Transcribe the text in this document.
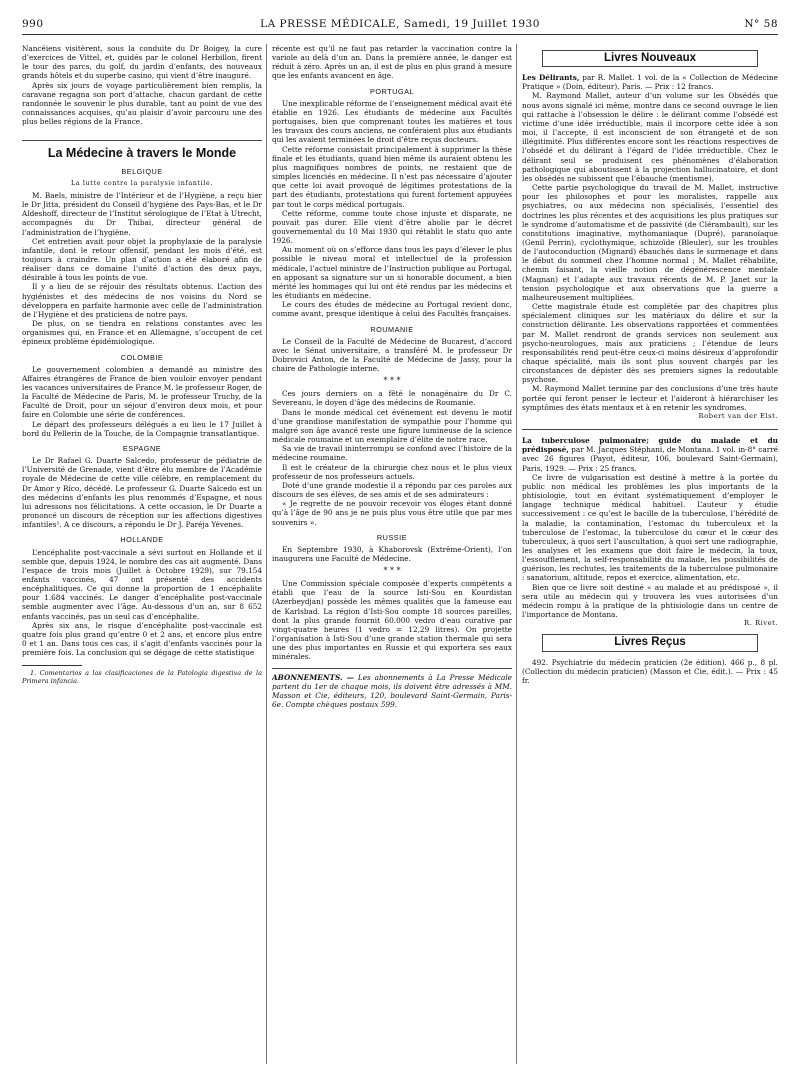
990	LA PRESSE MÉDICALE, Samedi, 19 Juillet 1930	N° 58

Nancéiens visitèrent, sous la conduite du Dr Boigey, la cure d’exercices de Vittel, et, guidés par le colonel Herbillon, firent le tour des parcs, du golf, du jardin d’enfants, des nouveaux grands hôtels et du superbe casino, qui vient d’être inauguré.

Après six jours de voyage particulièrement bien remplis, la caravane regagna son port d’attache, chacun gardant de cette randonnée le souvenir le plus durable, tant au point de vue des connaissances acquises, qu’au plaisir d’avoir parcouru une des plus belles régions de la France.

La Médecine à travers le Monde
BELGIQUE
La lutte contre la paralysie infantile.

M. Baels, ministre de l’Intérieur et de l’Hygiène, a reçu hier le Dr Jitta, président du Conseil d’hygiène des Pays-Bas, et le Dr Aldeshoff, directeur de l’Institut sérologique de l’Etat à Utrecht, accompagnés du Dr Thibai, directeur général de l’administration de l’hygiène.

Cet entretien avait pour objet la prophylaxie de la paralysie infantile, dont le retour offensif, pendant les mois d’été, est toujours à craindre. Un plan d’action a été élaboré afin de réaliser dans ce domaine l’unité d’action des deux pays, désirable à tous les points de vue.

Il y a lieu de se réjouir des résultats obtenus. L’action des hygiénistes et des médecins de nos voisins du Nord se développera en parfaite harmonie avec celle de l’administration de l’Hygiène et des praticiens de notre pays.

De plus, on se tiendra en relations constantes avec les organismes qui, en France et en Allemagne, s’occupent de cet épineux problème épidémiologique.

COLOMBIE

Le gouvernement colombien a demandé au ministre des Affaires étrangères de France de bien vouloir envoyer pendant les vacances universitaires de France M. le professeur Roger, de la Faculté de Médecine de Paris, M. le professeur Truchy, de la Faculté de Droit, pour un séjour d’environ deux mois, et pour faire en Colombie une série de conférences.

Le départ des professeurs délégués a eu lieu le 17 Juillet à bord du Pellerin de la Touche, de la Compagnie transatlantique.

ESPAGNE

Le Dr Rafael G. Duarte Salcedo, professeur de pédiatrie de l’Université de Grenade, vient d’être élu membre de l’Académie royale de Médecine de cette ville célèbre, en remplacement du Dr Amor y Rico, décédé. Le professeur G. Duarte Salcedo est un des médecins d’enfants les plus renommés d’Espagne, et nous lui adressons nos félicitations. A cette occasion, le Dr Duarte a prononcé un discours de réception sur les affections digestives infantiles¹. A ce discours, a répondu le Dr J. Paréja Yévenes.

HOLLANDE

L’encéphalite post-vaccinale a sévi surtout en Hollande et il semble que, depuis 1924, le nombre des cas ait augmenté. Dans l’espace de trois mois (Juillet à Octobre 1929), sur 79.154 enfants vaccinés, 47 ont présenté des accidents encéphalitiques. Ce qui donne la proportion de 1 encéphalite pour 1.684 vaccinés. Le danger d’encéphalite post-vaccinale semble augmenter avec l’âge. Au-dessous d’un an, sur 8 652 enfants vaccinés, pas un seul cas d’encéphalite.

Après six ans, le risque d’encéphalite post-vaccinale est quatre fois plus grand qu’entre 0 et 2 ans, et encore plus entre 0 et 1 an. Dans tous ces cas, il s’agit d’enfants vaccinés pour la première fois. La conclusion qui se dégage de cette statistique

1. Comentarios a las clasificaciones de la Patologia digestiva de la Primera infancia.

récente est qu’il ne faut pas retarder la vaccination contre la variole au delà d’un an. Dans la première année, le danger est réduit à zéro. Après un an, il est de plus en plus grand à mesure que les enfants avancent en âge.

PORTUGAL

Une inexplicable réforme de l’enseignement médical avait été établie en 1926. Les étudiants de médecine aux Facultés portugaises, bien que comprenant toutes les matières et tous les travaux des cours anciens, ne conféraient plus aux étudiants qui les avaient terminées le droit d’être reçus docteurs.

Cette réforme consistait principalement à supprimer la thèse finale et les étudiants, quand bien même ils auraient obtenu les plus magnifiques nombres de points, ne restaient que de simples licenciés en médecine. Il n’est pas nécessaire d’ajouter que cette loi avait provoqué de légitimes protestations de la part des étudiants, protestations qui furent fortement appuyées par tout le corps médical portugais.

Cette réforme, comme toute chose injuste et disparate, ne pouvait pas durer. Elle vient d’être abolie par le décret gouvernemental du 10 Mai 1930 qui rétablit le statu quo ante 1926.

Au moment où on s’efforce dans tous les pays d’élever le plus possible le niveau moral et intellectuel de la profession médicale, l’actuel ministre de l’Instruction publique au Portugal, en apposant sa signature sur un si honorable document, a bien mérité les hommages qui lui ont été rendus par les médecins et les étudiants en médecine.

Le cours des études de médecine au Portugal revient donc, comme avant, presque identique à celui des Facultés françaises.

ROUMANIE

Le Conseil de la Faculté de Médecine de Bucarest, d’accord avec le Sénat universitaire, a transféré M. le professeur Dr Dobrovici Anton, de la Faculté de Médecine de Jassy, pour la chaire de Pathologie interne.

* * *

Ces jours derniers on a fêté le nonagénaire du Dr C. Severeanu, le doyen d’âge des médecins de Roumanie.

Dans le monde médical cet événement est devenu le motif d’une grandiose manifestation de sympathie pour l’homme qui malgré son âge avancé reste une figure lumineuse de la science médicale roumaine et un exemplaire d’élite de notre race.

Sa vie de travail ininterrompu se confond avec l’histoire de la médecine roumaine.

Il est le créateur de la chirurgie chez nous et le plus vieux professeur de nos professeurs actuels.

Doté d’une grande modestie il a répondu par ces paroles aux discours de ses élèves, de ses amis et de ses admirateurs :

« Je regrette de ne pouvoir recevoir vos éloges étant donné qu’à l’âge de 90 ans je ne puis plus vous être utile que par mes souvenirs ».

RUSSIE

En Septembre 1930, à Khaborovsk (Extrême-Orient), l’on inaugurera une Faculté de Médecine.

* * *

Une Commission spéciale composée d’experts compétents a établi que l’eau de la source Isti-Sou en Kourdistan (Azerbeydjan) possède les mêmes qualités que la fameuse eau de Karlsbad. La région d’Isti-Sou compte 18 sources pareilles, dont la plus grande fournit 60.000 vedro d’eau curative par vingt-quatre heures (1 vedro = 12,29 litres). On projette l’organisation à Isti-Sou d’une grande station thermale qui sera une des plus importantes en Russie et qui exportera ses eaux minérales.

ABONNEMENTS. — Les abonnements à La Presse Médicale partent du 1er de chaque mois, ils doivent être adressés à MM. Masson et Cie, éditeurs, 120, boulevard Saint-Germain, Paris-6e. Compte chèques postaux 599.

Livres Nouveaux

Les Délirants, par R. Mallet. 1 vol. de la « Collection de Médecine Pratique » (Doin, éditeur), Paris. — Prix : 12 francs.

M. Raymond Mallet, auteur d’un volume sur les Obsédés que nous avons signalé ici même, montre dans ce second ouvrage le lien qui rattache à l’obsession le délire : le délirant comme l’obsédé est victime d’une idée irréductible, mais il incorpore cette idée à son moi, il l’accepte, il est inconscient de son étrangeté et de son illégitimité. Plus différentes encore sont les réactions respectives de l’obsédé et du délirant à l’égard de l’idée irréductible. Chez le délirant seul se produisent ces phénomènes d’élaboration pathologique qui aboutissent à la projection hallucinatoire, et dont les obsédés ne subissent que l’ébauche (mentisme).

Cette partie psychologique du travail de M. Mallet, instructive pour les philosophes et pour les moralistes, rappelle aux psychiatres, ou aux médecins non spécialisés, l’essentiel des doctrines les plus récentes et des acquisitions les plus pratiques sur le syndrome d’automatisme et de passivité (de Clérambault), sur les constitutions imaginative, mythomaniaque (Dupré), paranoïaque (Genil Perrin), cyclothymique, schizoïde (Bleuler), sur les troubles de l’autoconduction (Mignard) ébauchés dans le surmenage et dans le début du sommeil chez l’homme normal ; M. Mallet réhabilite, chemin faisant, la vieille notion de dégénérescence mentale (Magnan) et l’adapte aux travaux récents de M. P. Janet sur la tension psychologique et aux observations que la guerre a malheureusement multipliées.

Cette magistrale étude est complétée par des chapitres plus spécialement cliniques sur les matériaux du délire et sur la construction délirante. Les observations rapportées et commentées par M. Mallet rendront de grands services non seulement aux psycho-neurologues, mais aux praticiens ; l’étendue de leurs responsabilités rend peut-être ceux-ci moins désireux d’approfondir chaque spécialité, mais ils sont plus souvent chargés par les circonstances de dépister dès ses premiers signes la redoutable psychose.

M. Raymond Mallet termine par des conclusions d’une très haute portée qui feront penser le lecteur et l’aideront à hiérarchiser les symptômes des états mentaux et à en retenir les syndromes.

Robert van der Elst.

La tuberculose pulmonaire; guide du malade et du prédisposé, par M. Jacques Stéphani, de Montana. 1 vol. in-8° carré avec 26 figures (Payot, éditeur, 106, boulevard Saint-Germain), Paris, 1929. — Prix : 25 francs.

Ce livre de vulgarisation est destiné à mettre à la portée du public non médical les problèmes les plus importants de la phtisiologie, tout en évitant systématiquement d’employer le langage technique médical habituel. L’auteur y étudie successivement : ce qu’est le bacille de la tuberculose, l’hérédité de la maladie, la contamination, l’estomac du tuberculeux et la tuberculose de l’estomac, la tuberculose du cœur et le cœur des tuberculeux, à quoi sert l’auscultation, à quoi sert une radiographie, les analyses et les examens que doit faire le médecin, la toux, l’essoufflement, la self-responsabilité du malade, les possibilités de guérison, les rechutes, les traitements de la tuberculose pulmonaire : sanatorium, altitude, repos et exercice, alimentation, etc.

Bien que ce livre soit destiné « au malade et au prédisposé », il sera utile au médecin qui y trouvera les vues autorisées d’un médecin rompu à la pratique de la phtisiologie dans un centre de l’importance de Montana.

R. Rivet.
Livres Reçus

492. Psychiatrie du médecin praticien (2e édition). 466 p., 8 pl. (Collection du médecin praticien) (Masson et Cie, édit.). — Prix : 45 fr.
